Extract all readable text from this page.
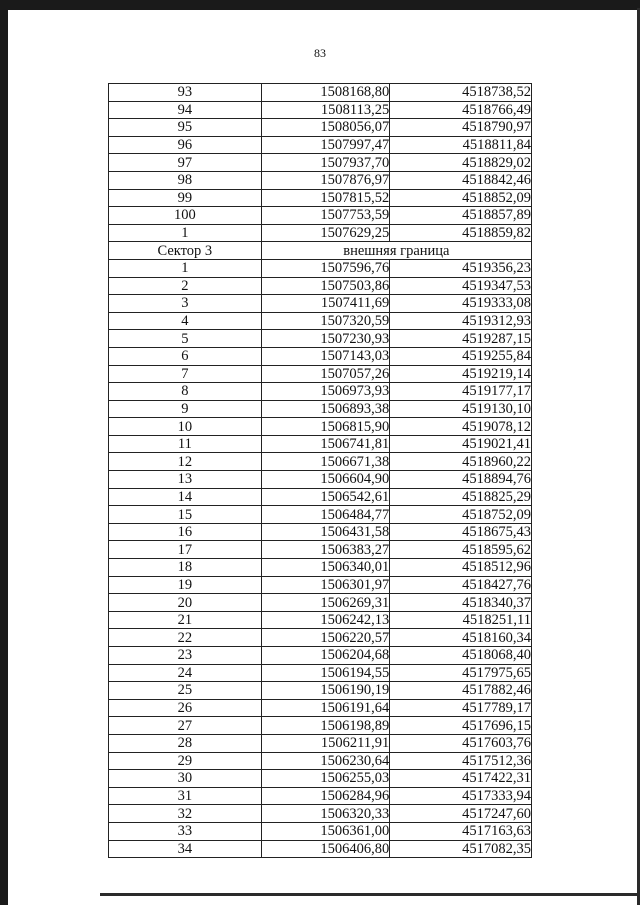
83
93	1508168,80	4518738,52
94	1508113,25	4518766,49
95	1508056,07	4518790,97
96	1507997,47	4518811,84
97	1507937,70	4518829,02
98	1507876,97	4518842,46
99	1507815,52	4518852,09
100	1507753,59	4518857,89
1	1507629,25	4518859,82
Сектор 3	внешняя граница	
1	1507596,76	4519356,23
2	1507503,86	4519347,53
3	1507411,69	4519333,08
4	1507320,59	4519312,93
5	1507230,93	4519287,15
6	1507143,03	4519255,84
7	1507057,26	4519219,14
8	1506973,93	4519177,17
9	1506893,38	4519130,10
10	1506815,90	4519078,12
11	1506741,81	4519021,41
12	1506671,38	4518960,22
13	1506604,90	4518894,76
14	1506542,61	4518825,29
15	1506484,77	4518752,09
16	1506431,58	4518675,43
17	1506383,27	4518595,62
18	1506340,01	4518512,96
19	1506301,97	4518427,76
20	1506269,31	4518340,37
21	1506242,13	4518251,11
22	1506220,57	4518160,34
23	1506204,68	4518068,40
24	1506194,55	4517975,65
25	1506190,19	4517882,46
26	1506191,64	4517789,17
27	1506198,89	4517696,15
28	1506211,91	4517603,76
29	1506230,64	4517512,36
30	1506255,03	4517422,31
31	1506284,96	4517333,94
32	1506320,33	4517247,60
33	1506361,00	4517163,63
34	1506406,80	4517082,35
